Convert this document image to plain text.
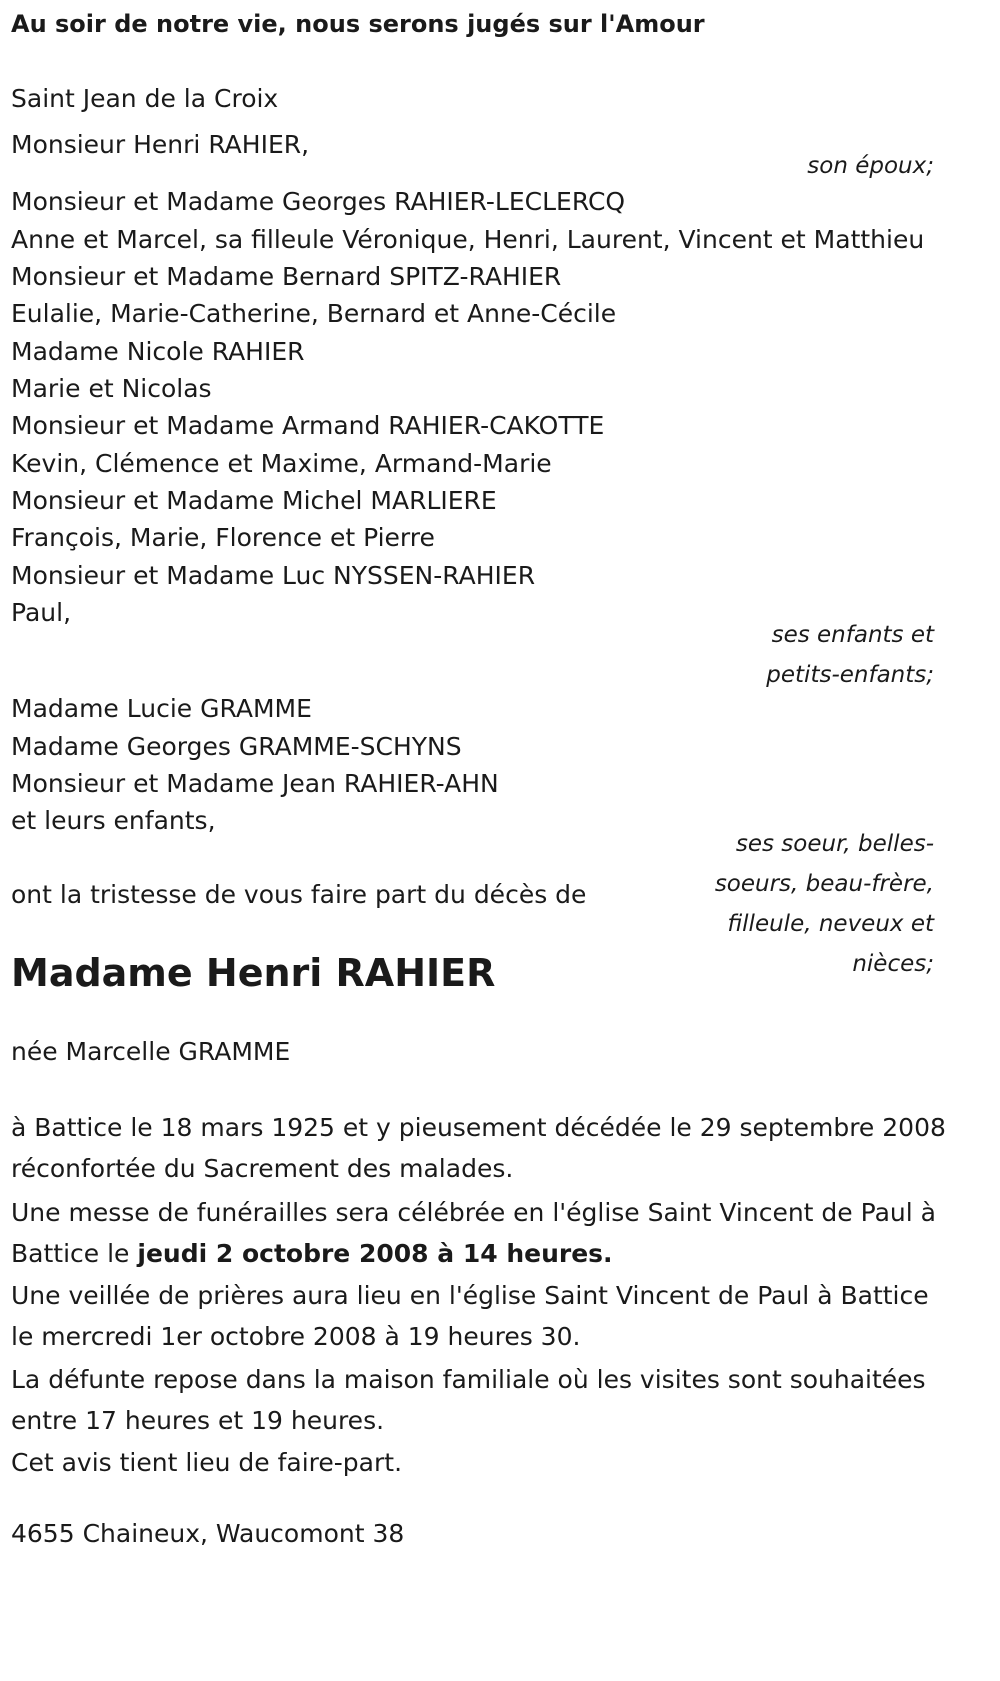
Au soir de notre vie, nous serons jugés sur l'Amour
Saint Jean de la Croix
Monsieur Henri RAHIER,
son époux;
Monsieur et Madame Georges RAHIER-LECLERCQ
Anne et Marcel, sa filleule Véronique, Henri, Laurent, Vincent et Matthieu
Monsieur et Madame Bernard SPITZ-RAHIER
Eulalie, Marie-Catherine, Bernard et Anne-Cécile
Madame Nicole RAHIER
Marie et Nicolas
Monsieur et Madame Armand RAHIER-CAKOTTE
Kevin, Clémence et Maxime, Armand-Marie
Monsieur et Madame Michel MARLIERE
François, Marie, Florence et Pierre
Monsieur et Madame Luc NYSSEN-RAHIER
Paul,
ses enfants et
petits-enfants;
Madame Lucie GRAMME
Madame Georges GRAMME-SCHYNS
Monsieur et Madame Jean RAHIER-AHN
et leurs enfants,
ses soeur, belles-
soeurs, beau-frère,
filleule, neveux et
nièces;
ont la tristesse de vous faire part du décès de
Madame Henri RAHIER
née Marcelle GRAMME
à Battice le 18 mars 1925 et y pieusement décédée le 29 septembre 2008
réconfortée du Sacrement des malades.
Une messe de funérailles sera célébrée en l'église Saint Vincent de Paul à
Battice le jeudi 2 octobre 2008 à 14 heures.
Une veillée de prières aura lieu en l'église Saint Vincent de Paul à Battice
le mercredi 1er octobre 2008 à 19 heures 30.
La défunte repose dans la maison familiale où les visites sont souhaitées
entre 17 heures et 19 heures.
Cet avis tient lieu de faire-part.
4655 Chaineux, Waucomont 38
